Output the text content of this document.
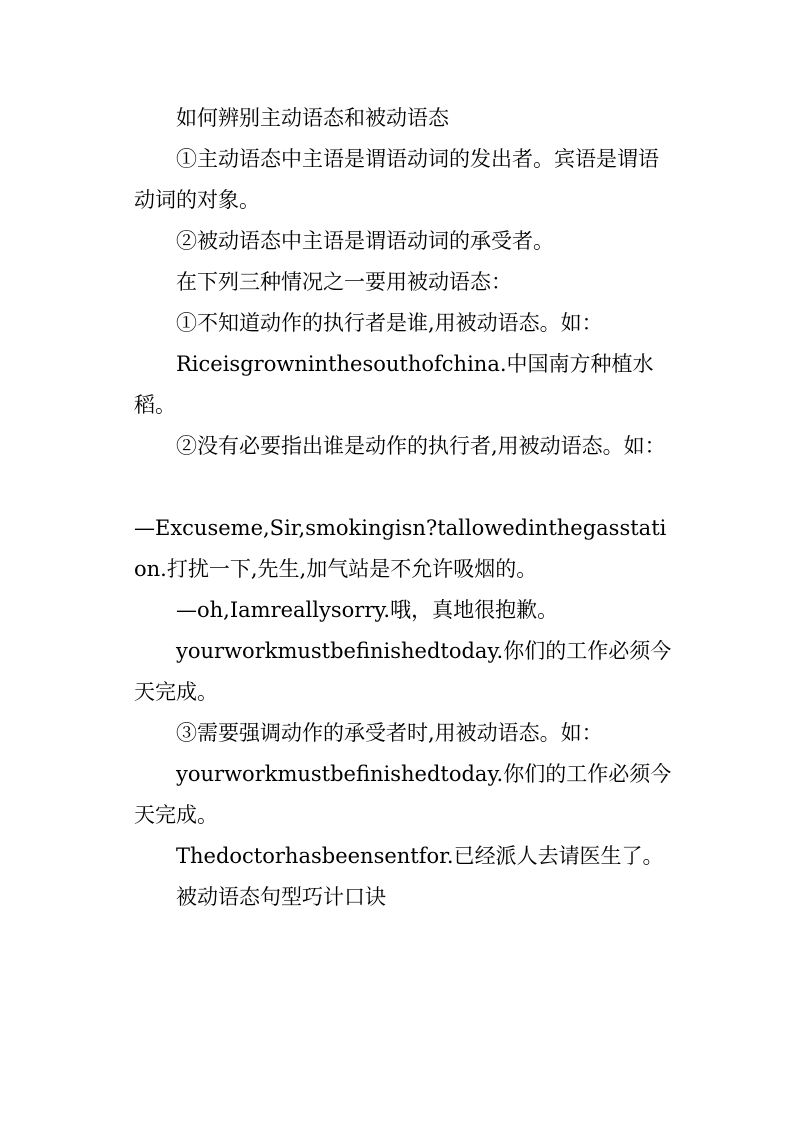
如何辨别主动语态和被动语态

①主动语态中主语是谓语动词的发出者。宾语是谓语动词的对象。

②被动语态中主语是谓语动词的承受者。

在下列三种情况之一要用被动语态：

①不知道动作的执行者是谁,用被动语态。如：

Riceisgrowninthesouthofchina.中国南方种植水稻。

②没有必要指出谁是动作的执行者,用被动语态。如：

—Excuseme,Sir,smokingisn?tallowedinthegasstation.打扰一下,先生,加气站是不允许吸烟的。

—oh,Iamreallysorry.哦，真地很抱歉。

yourworkmustbefinishedtoday.你们的工作必须今天完成。

③需要强调动作的承受者时,用被动语态。如：

yourworkmustbefinishedtoday.你们的工作必须今天完成。

Thedoctorhasbeensentfor.已经派人去请医生了。

被动语态句型巧计口诀
